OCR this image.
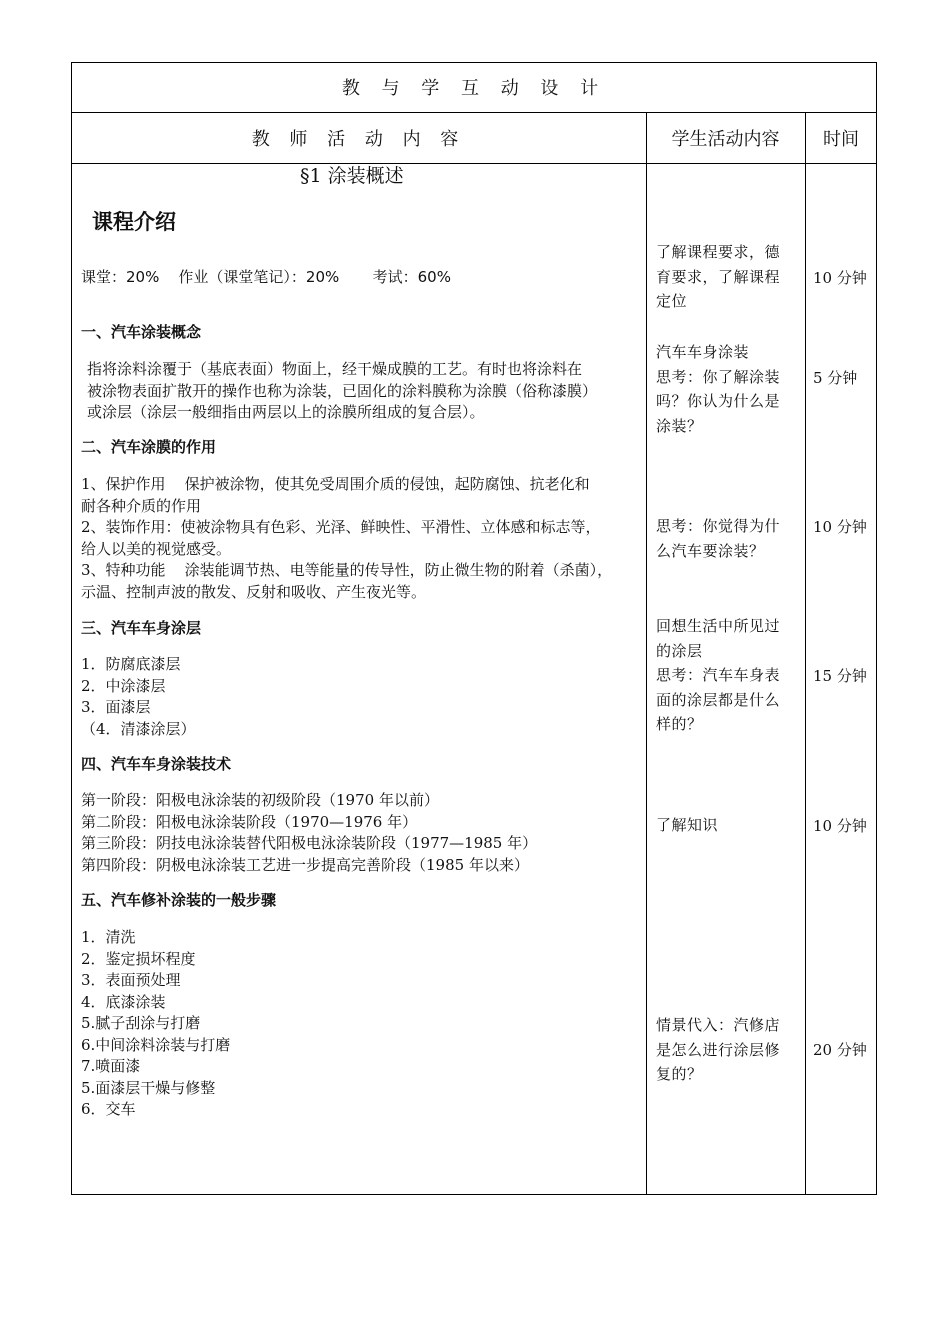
教 与 学 互 动 设 计
教 师 活 动 内 容	学生活动内容	时间
§1 涂装概述
课程介绍
课堂：20%    作业（课堂笔记）：20%       考试：60%
一、汽车涂装概念
指将涂料涂覆于（基底表面）物面上，经干燥成膜的工艺。有时也将涂料在
被涂物表面扩散开的操作也称为涂装，已固化的涂料膜称为涂膜（俗称漆膜）
或涂层（涂层一般细指由两层以上的涂膜所组成的复合层）。
二、汽车涂膜的作用
1、保护作用    保护被涂物，使其免受周围介质的侵蚀，起防腐蚀、抗老化和
耐各种介质的作用
2、装饰作用：使被涂物具有色彩、光泽、鲜映性、平滑性、立体感和标志等，
给人以美的视觉感受。
3、特种功能    涂装能调节热、电等能量的传导性，防止微生物的附着（杀菌），
示温、控制声波的散发、反射和吸收、产生夜光等。
三、汽车车身涂层
1．防腐底漆层
2．中涂漆层
3．面漆层
（4．清漆涂层）
四、汽车车身涂装技术
第一阶段：阳极电泳涂装的初级阶段（1970 年以前）
第二阶段：阳极电泳涂装阶段（1970—1976 年）
第三阶段：阴技电泳涂装替代阳极电泳涂装阶段（1977—1985 年）
第四阶段：阴极电泳涂装工艺进一步提高完善阶段（1985 年以来）
五、汽车修补涂装的一般步骤
1．清洗
2．鉴定损坏程度
3．表面预处理
4．底漆涂装
5.腻子刮涂与打磨
6.中间涂料涂装与打磨
7.喷面漆
5.面漆层干燥与修整
6．交车
了解课程要求，德
育要求，了解课程
定位
汽车车身涂装
思考：你了解涂装
吗？你认为什么是
涂装？
思考：你觉得为什
么汽车要涂装？
回想生活中所见过
的涂层
思考：汽车车身表
面的涂层都是什么
样的？
了解知识
情景代入：汽修店
是怎么进行涂层修
复的？
10 分钟
5 分钟
10 分钟
15 分钟
10 分钟
20 分钟
